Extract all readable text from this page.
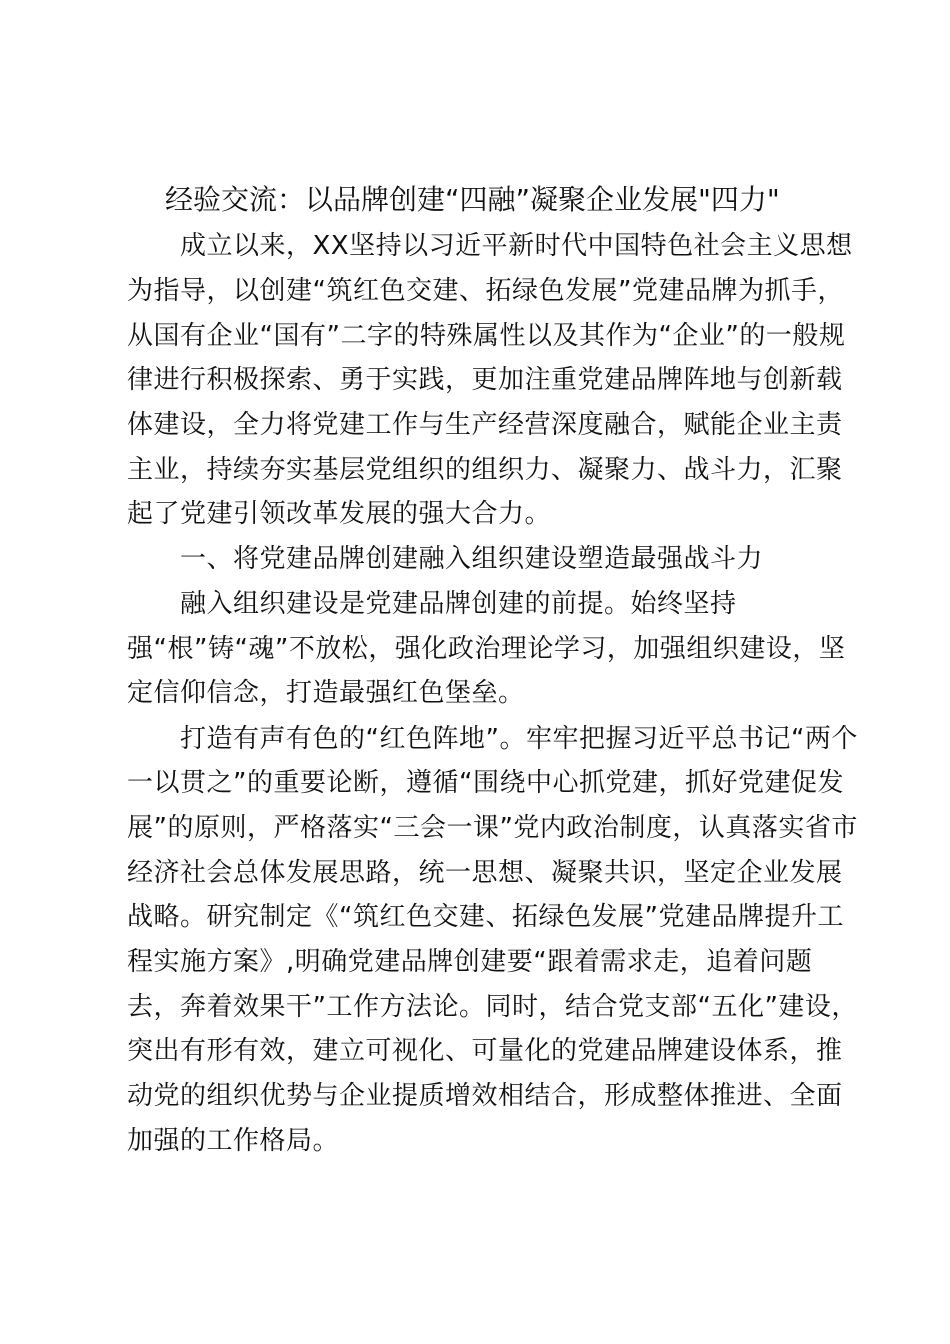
经验交流：以品牌创建“四融”凝聚企业发展"四力"
成立以来，XX坚持以习近平新时代中国特色社会主义思想
为指导，以创建“筑红色交建、拓绿色发展”党建品牌为抓手，
从国有企业“国有”二字的特殊属性以及其作为“企业”的一般规
律进行积极探索、勇于实践，更加注重党建品牌阵地与创新载
体建设，全力将党建工作与生产经营深度融合，赋能企业主责
主业，持续夯实基层党组织的组织力、凝聚力、战斗力，汇聚
起了党建引领改革发展的强大合力。
一、将党建品牌创建融入组织建设塑造最强战斗力
融入组织建设是党建品牌创建的前提。始终坚持
强“根”铸“魂”不放松，强化政治理论学习，加强组织建设，坚
定信仰信念，打造最强红色堡垒。
打造有声有色的“红色阵地”。牢牢把握习近平总书记“两个
一以贯之”的重要论断，遵循“围绕中心抓党建，抓好党建促发
展”的原则，严格落实“三会一课”党内政治制度，认真落实省市
经济社会总体发展思路，统一思想、凝聚共识，坚定企业发展
战略。研究制定《“筑红色交建、拓绿色发展”党建品牌提升工
程实施方案》,明确党建品牌创建要“跟着需求走，追着问题
去，奔着效果干”工作方法论。同时，结合党支部“五化”建设，
突出有形有效，建立可视化、可量化的党建品牌建设体系，推
动党的组织优势与企业提质增效相结合，形成整体推进、全面
加强的工作格局。
